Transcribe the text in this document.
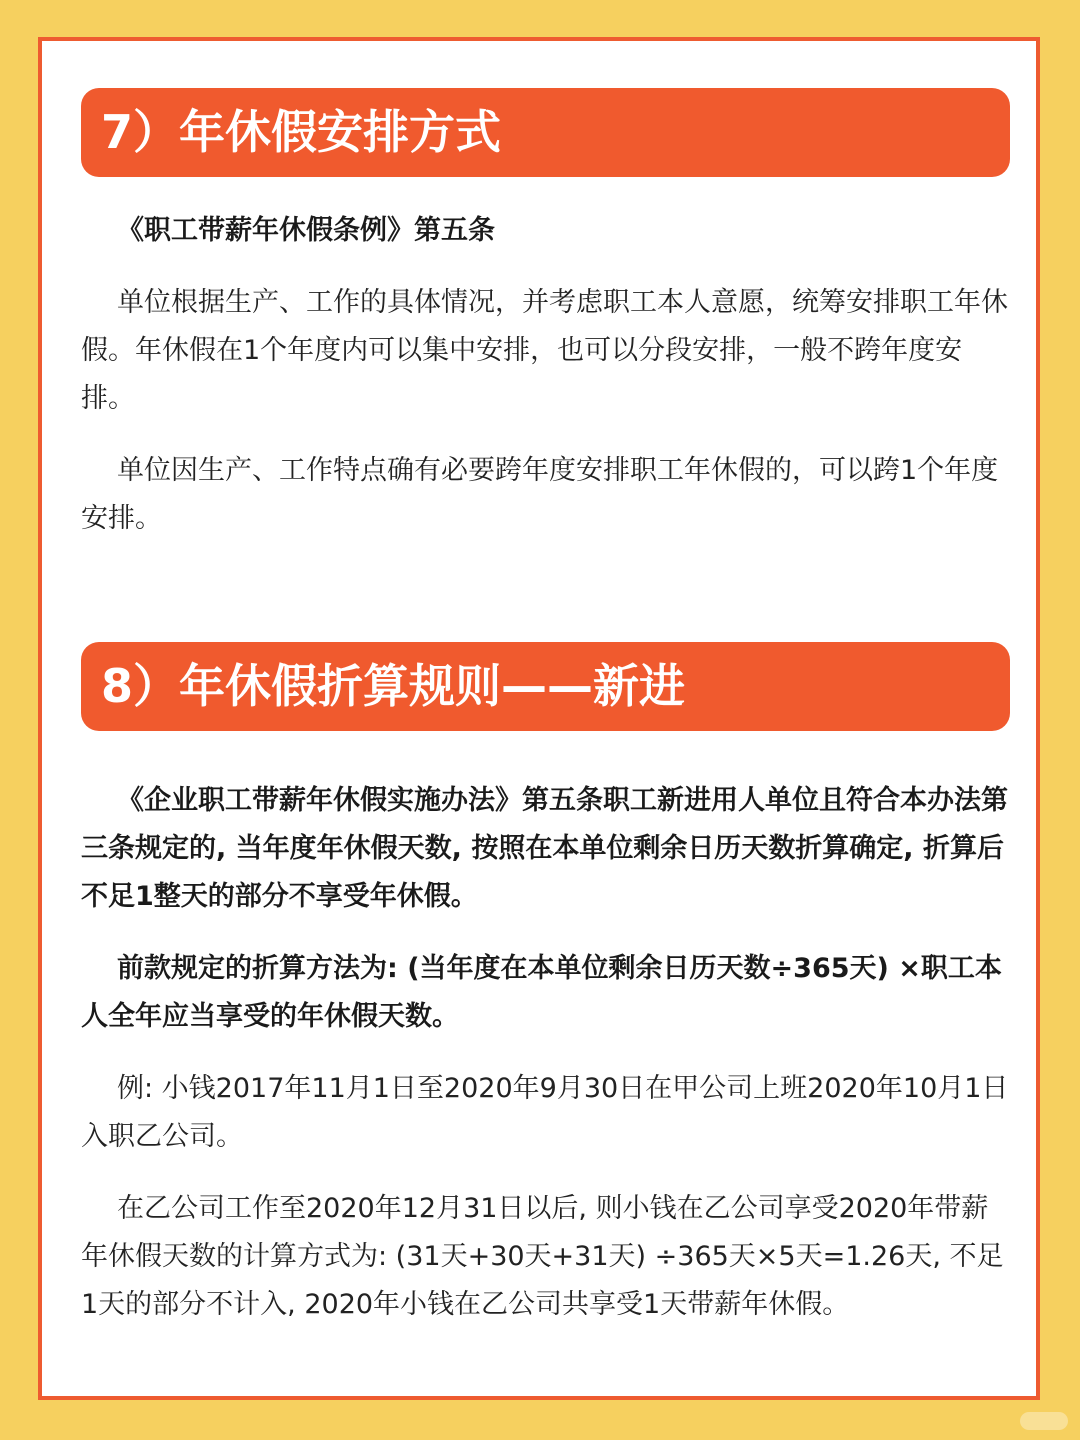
7）年休假安排方式

《职工带薪年休假条例》第五条

单位根据生产、工作的具体情况，并考虑职工本人意愿，统筹安排职工年休假。年休假在1个年度内可以集中安排，也可以分段安排，一般不跨年度安排。

单位因生产、工作特点确有必要跨年度安排职工年休假的，可以跨1个年度安排。

8）年休假折算规则——新进

《企业职工带薪年休假实施办法》第五条职工新进用人单位且符合本办法第三条规定的, 当年度年休假天数, 按照在本单位剩余日历天数折算确定, 折算后不足1整天的部分不享受年休假。

前款规定的折算方法为: (当年度在本单位剩余日历天数÷365天) ×职工本人全年应当享受的年休假天数。

例: 小钱2017年11月1日至2020年9月30日在甲公司上班2020年10月1日入职乙公司。

在乙公司工作至2020年12月31日以后, 则小钱在乙公司享受2020年带薪年休假天数的计算方式为: (31天+30天+31天) ÷365天×5天=1.26天, 不足1天的部分不计入, 2020年小钱在乙公司共享受1天带薪年休假。
